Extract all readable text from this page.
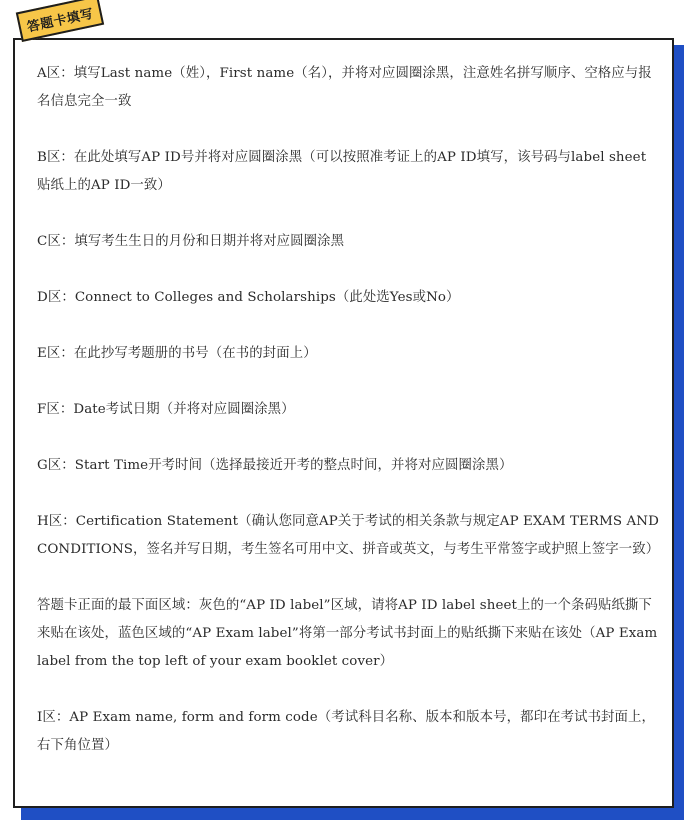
答题卡填写

A区：填写Last name（姓），First name（名），并将对应圆圈涂黑，注意姓名拼写顺序、空格应与报名信息完全一致

B区：在此处填写AP ID号并将对应圆圈涂黑（可以按照准考证上的AP ID填写，该号码与label sheet贴纸上的AP ID一致）

C区：填写考生生日的月份和日期并将对应圆圈涂黑

D区：Connect to Colleges and Scholarships（此处选Yes或No）

E区：在此抄写考题册的书号（在书的封面上）

F区：Date考试日期（并将对应圆圈涂黑）

G区：Start Time开考时间（选择最接近开考的整点时间，并将对应圆圈涂黑）

H区：Certification Statement（确认您同意AP关于考试的相关条款与规定AP EXAM TERMS AND CONDITIONS，签名并写日期，考生签名可用中文、拼音或英文，与考生平常签字或护照上签字一致）

答题卡正面的最下面区域：灰色的“AP ID label”区域，请将AP ID label sheet上的一个条码贴纸撕下来贴在该处，蓝色区域的“AP Exam label”将第一部分考试书封面上的贴纸撕下来贴在该处（AP Exam label from the top left of your exam booklet cover）

I区：AP Exam name, form and form code（考试科目名称、版本和版本号，都印在考试书封面上，右下角位置）
